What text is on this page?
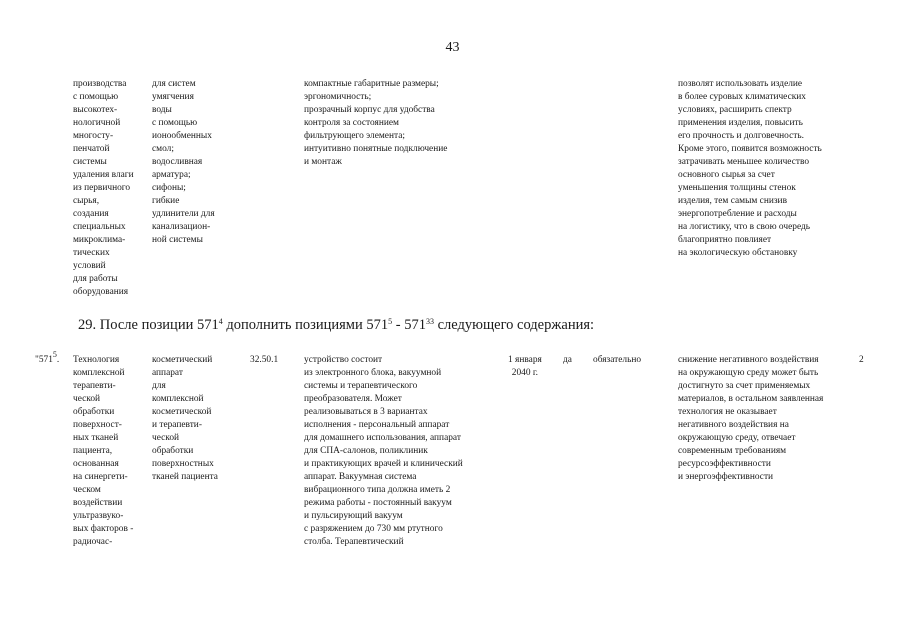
43
производства
с помощью
высокотех-
нологичной
многосту-
пенчатой
системы
удаления влаги
из первичного
сырья,
создания
специальных
микроклима-
тических
условий
для работы
оборудования
для систем
умягчения
воды
с помощью
ионообменных
смол;
водосливная
арматура;
сифоны;
гибкие
удлинители для
канализацион-
ной системы
компактные габаритные размеры;
эргономичность;
прозрачный корпус для удобства
контроля за состоянием
фильтрующего элемента;
интуитивно понятные подключение
и монтаж
позволят использовать изделие
в более суровых климатических
условиях, расширить спектр
применения изделия, повысить
его прочность и долговечность.
Кроме этого, появится возможность
затрачивать меньшее количество
основного сырья за счет
уменьшения толщины стенок
изделия, тем самым снизив
энергопотребление и расходы
на логистику, что в свою очередь
благоприятно повлияет
на экологическую обстановку
29. После позиции $571^4$ дополнить позициями $571^5 - 571^{33}$ следующего содержания:
"$571^5$. Технология
комплексной
терапевти-
ческой
обработки
поверхност-
ных тканей
пациента,
основанная
на синергети-
ческом
воздействии
ультразвуко-
вых факторов -
радиочас-
косметический
аппарат
для
комплексной
косметической
и терапевти-
ческой
обработки
поверхностных
тканей пациента
32.50.1	устройство состоит
из электронного блока, вакуумной
системы и терапевтического
преобразователя. Может
реализовываться в 3 вариантах
исполнения - персональный аппарат
для домашнего использования, аппарат
для СПА-салонов, поликлиник
и практикующих врачей и клинический
аппарат. Вакуумная система
вибрационного типа должна иметь 2
режима работы - постоянный вакуум
и пульсирующий вакуум
с разряжением до 730 мм ртутного
столба. Терапевтический
1 января
2040 г.
да обязательно	снижение негативного воздействия
на окружающую среду может быть
достигнуто за счет применяемых
материалов, в остальном заявленная
технология не оказывает
негативного воздействия на
окружающую среду, отвечает
современным требованиям
ресурсоэффективности
и энергоэффективности
2
